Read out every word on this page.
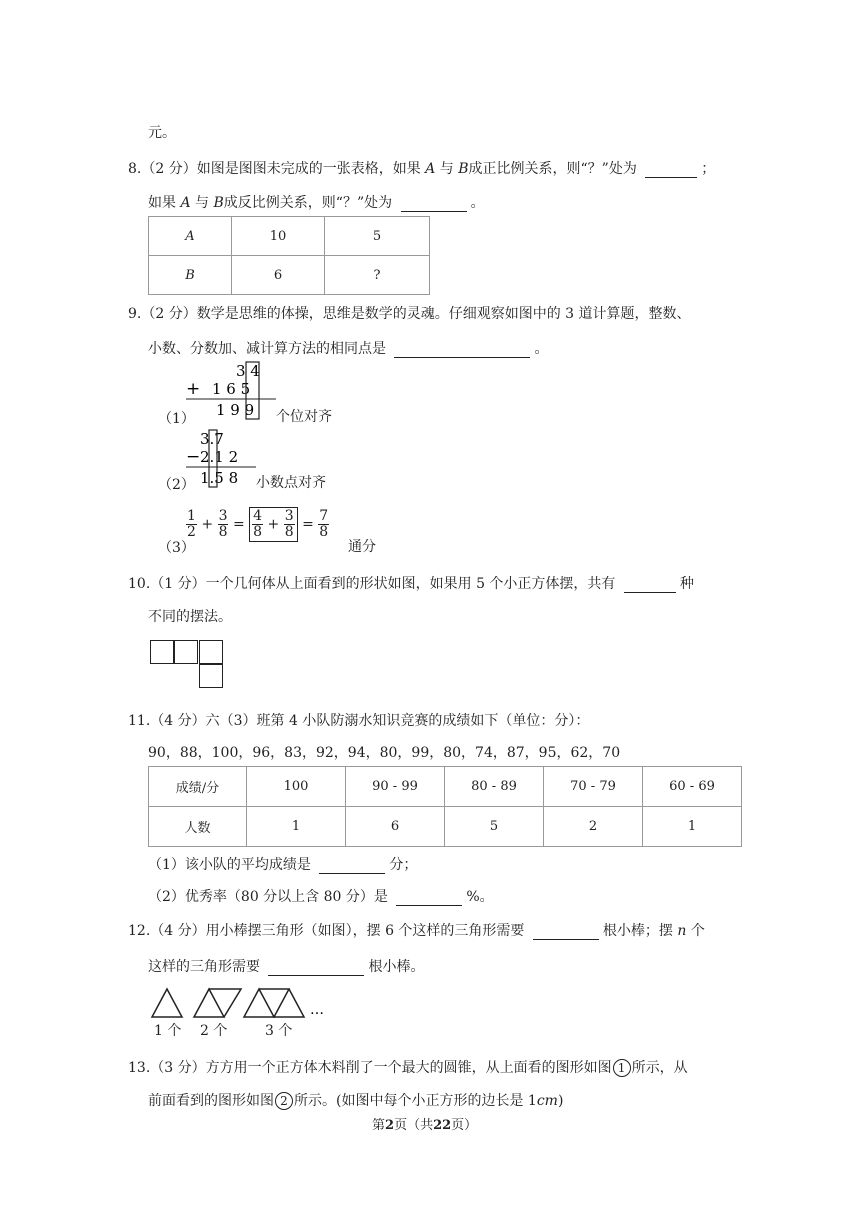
元。
8.（2 分）如图是图图未完成的一张表格，如果 A 与 B成正比例关系，则“？”处为	；
如果 A 与 B成反比例关系，则“？”处为	。
A	10	5
B	6	?
9.（2 分）数学是思维的体操，思维是数学的灵魂。仔细观察如图中的 3 道计算题，整数、
小数、分数加、减计算方法的相同点是	。
3 4
+ 1 6 5
1 9 9
（1）	个位对齐
3.7
− 2.1 2
1.5 8
（2）	小数点对齐
（3）
$\frac{1}{2} + \frac{3}{8} = \frac{4}{8} + \frac{3}{8} = \frac{7}{8}$
通分
10.（1 分）一个几何体从上面看到的形状如图，如果用 5 个小正方体摆，共有	种
不同的摆法。
11.（4 分）六（3）班第 4 小队防溺水知识竞赛的成绩如下（单位：分）：
90，88，100，96，83，92，94，80，99，80，74，87，95，62，70
成绩/分	100	90 - 99	80 - 89	70 - 79	60 - 69
人数	1	6	5	2	1
（1）该小队的平均成绩是	分；
（2）优秀率（80 分以上含 80 分）是	%。
12.（4 分）用小棒摆三角形（如图），摆 6 个这样的三角形需要	根小棒；摆 n 个
这样的三角形需要	根小棒。
…
1 个 2 个	3 个
13.（3 分）方方用一个正方体木料削了一个最大的圆锥，从上面看的图形如图 1 所示，从
前面看到的图形如图 2 所示。(如图中每个小正方形的边长是 1cm)
第2页（共22页）
